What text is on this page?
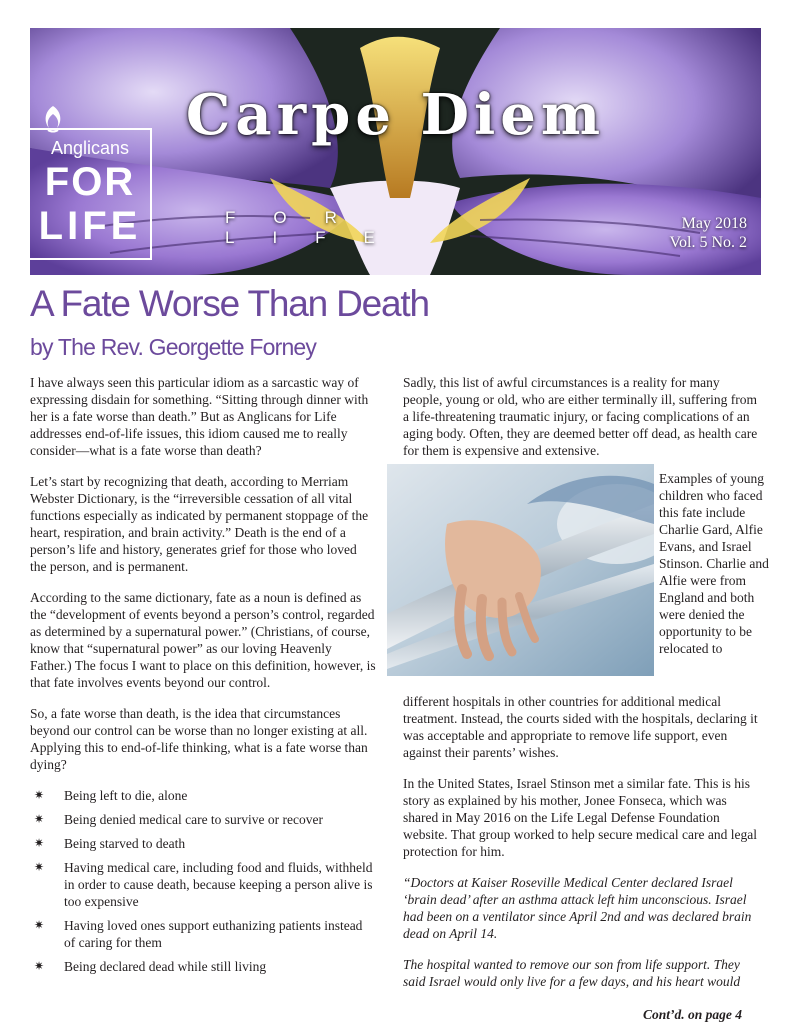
Carpe Diem
FOR LIFE
Anglicans
FOR
LIFE	May 2018
Vol. 5 No. 2
A Fate Worse Than Death
by The Rev. Georgette Forney

I have always seen this particular idiom as a sarcastic way of expressing disdain for something. “Sitting through dinner with her is a fate worse than death.” But as Anglicans for Life addresses end-of-life issues, this idiom caused me to really consider—what is a fate worse than death?

Let’s start by recognizing that death, according to Merriam Webster Dictionary, is the “irreversible cessation of all vital functions especially as indicated by permanent stoppage of the heart, respiration, and brain activity.” Death is the end of a person’s life and history, generates grief for those who loved the person, and is permanent.

According to the same dictionary, fate as a noun is defined as the “development of events beyond a person’s control, regarded as determined by a supernatural power.” (Christians, of course, know that “supernatural power” as our loving Heavenly Father.) The focus I want to place on this definition, however, is that fate involves events beyond our control.

So, a fate worse than death, is the idea that circumstances beyond our control can be worse than no longer existing at all. Applying this to end-of-life thinking, what is a fate worse than dying?

✷ Being left to die, alone
✷ Being denied medical care to survive or recover
✷ Being starved to death
✷ Having medical care, including food and fluids, withheld in order to cause death, because keeping a person alive is too expensive
✷ Having loved ones support euthanizing patients instead of caring for them
✷ Being declared dead while still living

Sadly, this list of awful circumstances is a reality for many people, young or old, who are either terminally ill, suffering from a life-threatening traumatic injury, or facing complications of an aging body. Often, they are deemed better off dead, as health care for them is expensive and extensive.

Examples of young children who faced this fate include Charlie Gard, Alfie Evans, and Israel Stinson. Charlie and Alfie were from England and both were denied the opportunity to be relocated to

different hospitals in other countries for additional medical treatment. Instead, the courts sided with the hospitals, declaring it was acceptable and appropriate to remove life support, even against their parents’ wishes.

In the United States, Israel Stinson met a similar fate. This is his story as explained by his mother, Jonee Fonseca, which was shared in May 2016 on the Life Legal Defense Foundation website. That group worked to help secure medical care and legal protection for him.

“Doctors at Kaiser Roseville Medical Center declared Israel ‘brain dead’ after an asthma attack left him unconscious. Israel had been on a ventilator since April 2nd and was declared brain dead on April 14.

The hospital wanted to remove our son from life support. They said Israel would only live for a few days, and his heart would

Cont’d. on page 4
